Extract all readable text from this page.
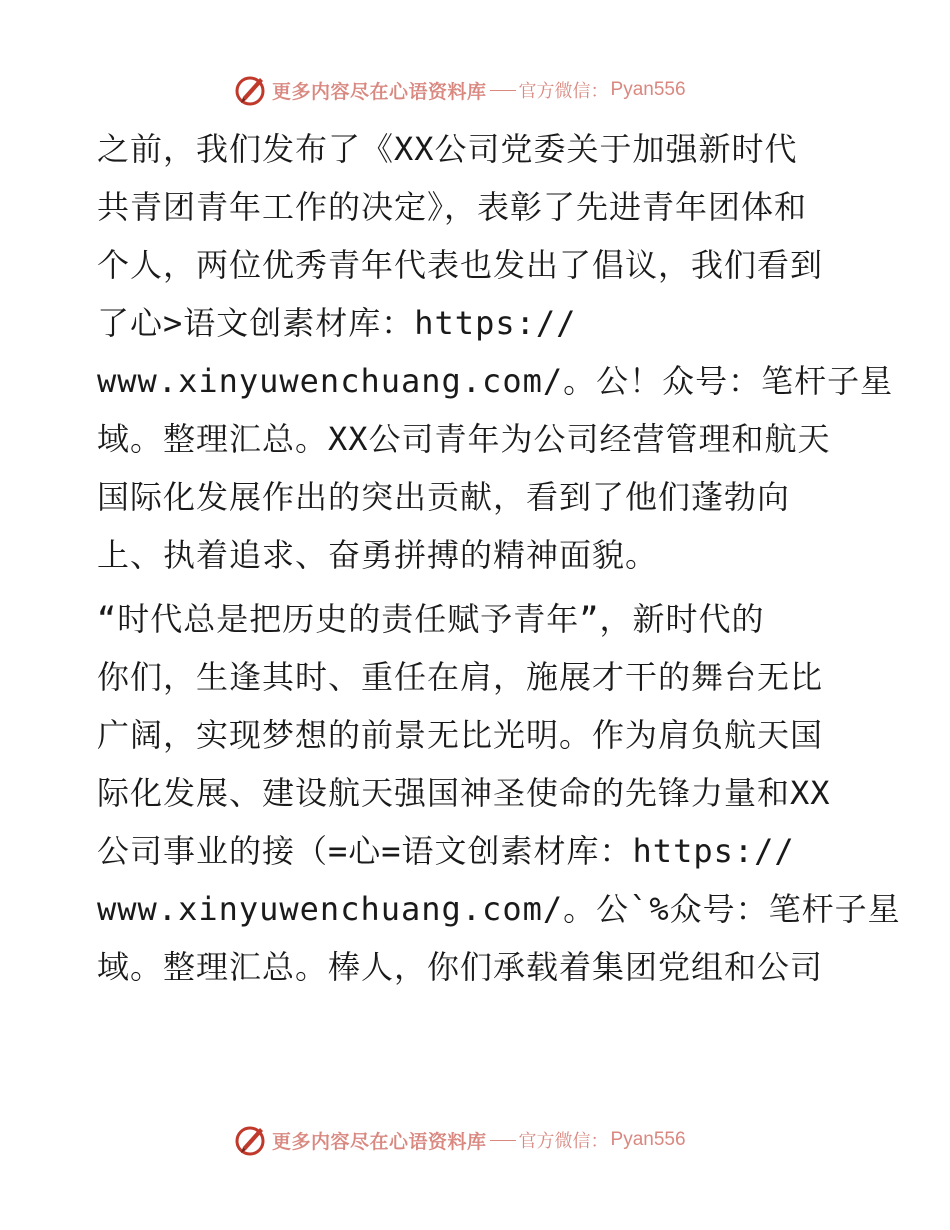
更多内容尽在心语资料库 官方微信： Pyan556
之前，我们发布了《XX公司党委关于加强新时代
共青团青年工作的决定》，表彰了先进青年团体和
个人，两位优秀青年代表也发出了倡议，我们看到
了心>语文创素材库：https://
www.xinyuwenchuang.com/。公！众号：笔杆子星
域。整理汇总。XX公司青年为公司经营管理和航天
国际化发展作出的突出贡献，看到了他们蓬勃向
上、执着追求、奋勇拼搏的精神面貌。
“时代总是把历史的责任赋予青年”，新时代的
你们，生逢其时、重任在肩，施展才干的舞台无比
广阔，实现梦想的前景无比光明。作为肩负航天国
际化发展、建设航天强国神圣使命的先锋力量和XX
公司事业的接（=心=语文创素材库：https://
www.xinyuwenchuang.com/。公`%众号：笔杆子星
域。整理汇总。棒人，你们承载着集团党组和公司
更多内容尽在心语资料库 官方微信： Pyan556
